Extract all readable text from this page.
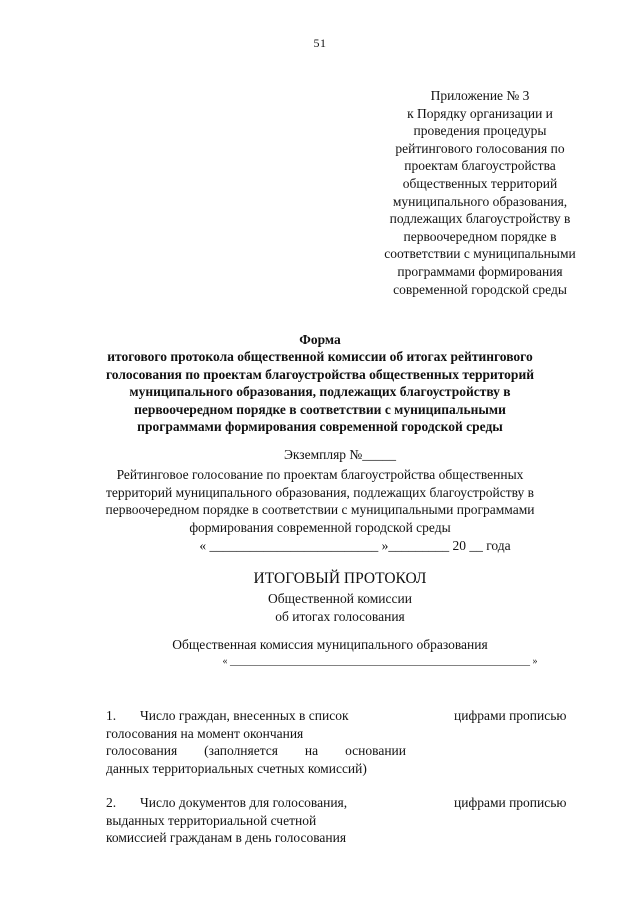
51
Приложение № 3
к Порядку организации и
проведения процедуры
рейтингового голосования по
проектам благоустройства
общественных территорий
муниципального образования,
подлежащих благоустройству в
первоочередном порядке в
соответствии с муниципальными
программами формирования
современной городской среды
Форма
итогового протокола общественной комиссии об итогах рейтингового
голосования по проектам благоустройства общественных территорий
муниципального образования, подлежащих благоустройству в
первоочередном порядке в соответствии с муниципальными
программами формирования современной городской среды
Экземпляр №_____
Рейтинговое голосование по проектам благоустройства общественных
территорий муниципального образования, подлежащих благоустройству в
первоочередном порядке в соответствии с муниципальными программами
формирования современной городской среды
« _________________________ »_________ 20 __ года
ИТОГОВЫЙ ПРОТОКОЛ
Общественной комиссии
об итогах голосования
Общественная комиссия муниципального образования
« ____________________________________________________________ »
1. Число граждан, внесенных в список
голосования на момент окончания
голосования (заполняется на основании
данных территориальных счетных комиссий)
цифрами прописью
2. Число документов для голосования,
выданных территориальной счетной
комиссией гражданам в день голосования
цифрами прописью
